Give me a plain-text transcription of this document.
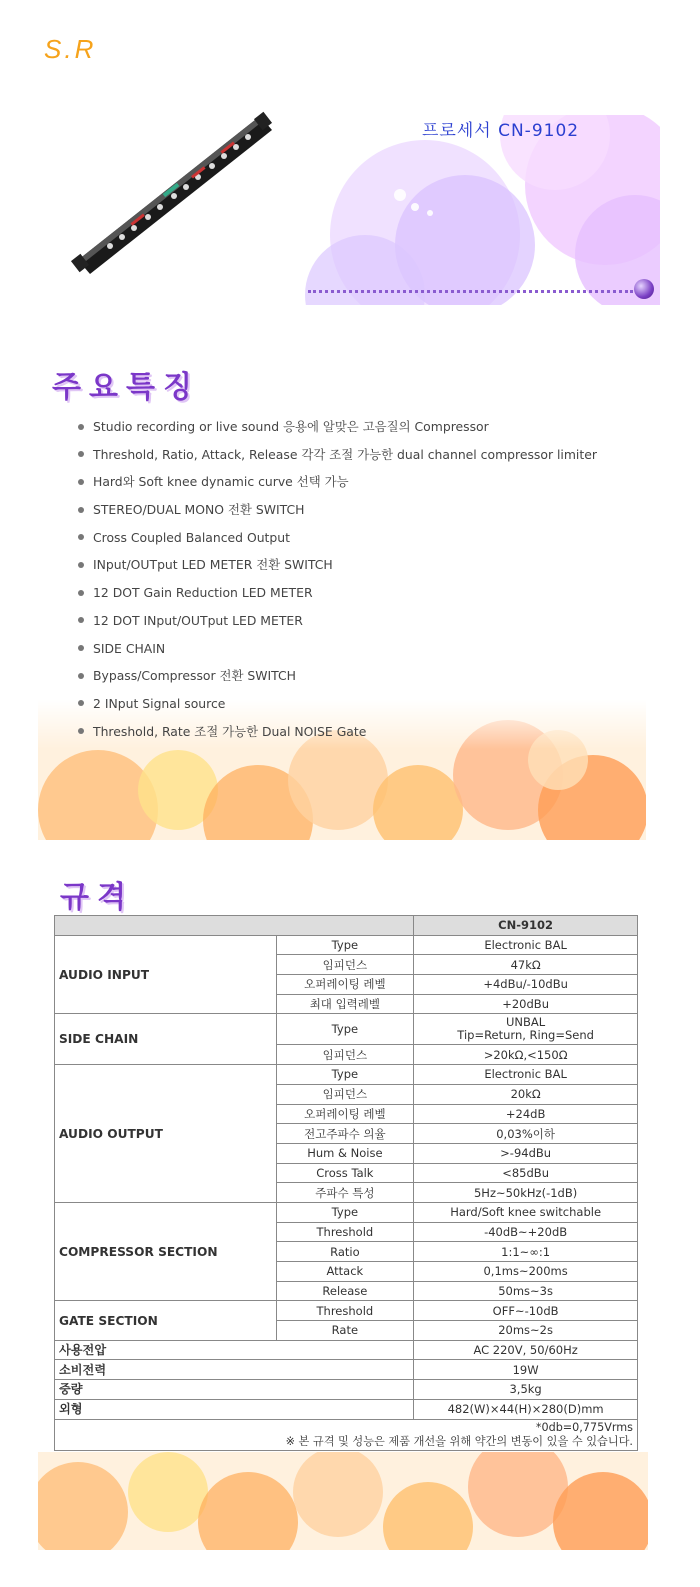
S.R
프로세서 CN-9102
주요특징
Studio recording or live sound 응용에 알맞은 고음질의 Compressor
Threshold, Ratio, Attack, Release 각각 조절 가능한 dual channel compressor limiter
Hard와 Soft knee dynamic curve 선택 가능
STEREO/DUAL MONO 전환 SWITCH
Cross Coupled Balanced Output
INput/OUTput LED METER 전환 SWITCH
12 DOT Gain Reduction LED METER
12 DOT INput/OUTput LED METER
SIDE CHAIN
Bypass/Compressor 전환 SWITCH
2 INput Signal source
Threshold, Rate 조절 가능한 Dual NOISE Gate
규격
		CN-9102
AUDIO INPUT	Type	Electronic BAL
	임피던스	47kΩ
	오퍼레이팅 레벨	+4dBu/-10dBu
	최대 입력레벨	+20dBu
SIDE CHAIN	Type	UNBAL
Tip=Return, Ring=Send
	임피던스	>20kΩ,<150Ω
AUDIO OUTPUT	Type	Electronic BAL
	임피던스	20kΩ
	오퍼레이팅 레벨	+24dB
	전고주파수 의율	0,03%이하
	Hum & Noise	>-94dBu
	Cross Talk	<85dBu
	주파수 특성	5Hz~50kHz(-1dB)
COMPRESSOR SECTION	Type	Hard/Soft knee switchable
	Threshold	-40dB~+20dB
	Ratio	1:1~∞:1
	Attack	0,1ms~200ms
	Release	50ms~3s
GATE SECTION	Threshold	OFF~-10dB
	Rate	20ms~2s
사용전압		AC 220V, 50/60Hz
소비전력		19W
중량		3,5kg
외형		482(W)×44(H)×280(D)mm
*0db=0,775Vrms
※ 본 규격 및 성능은 제품 개선을 위해 약간의 변동이 있을 수 있습니다.		
